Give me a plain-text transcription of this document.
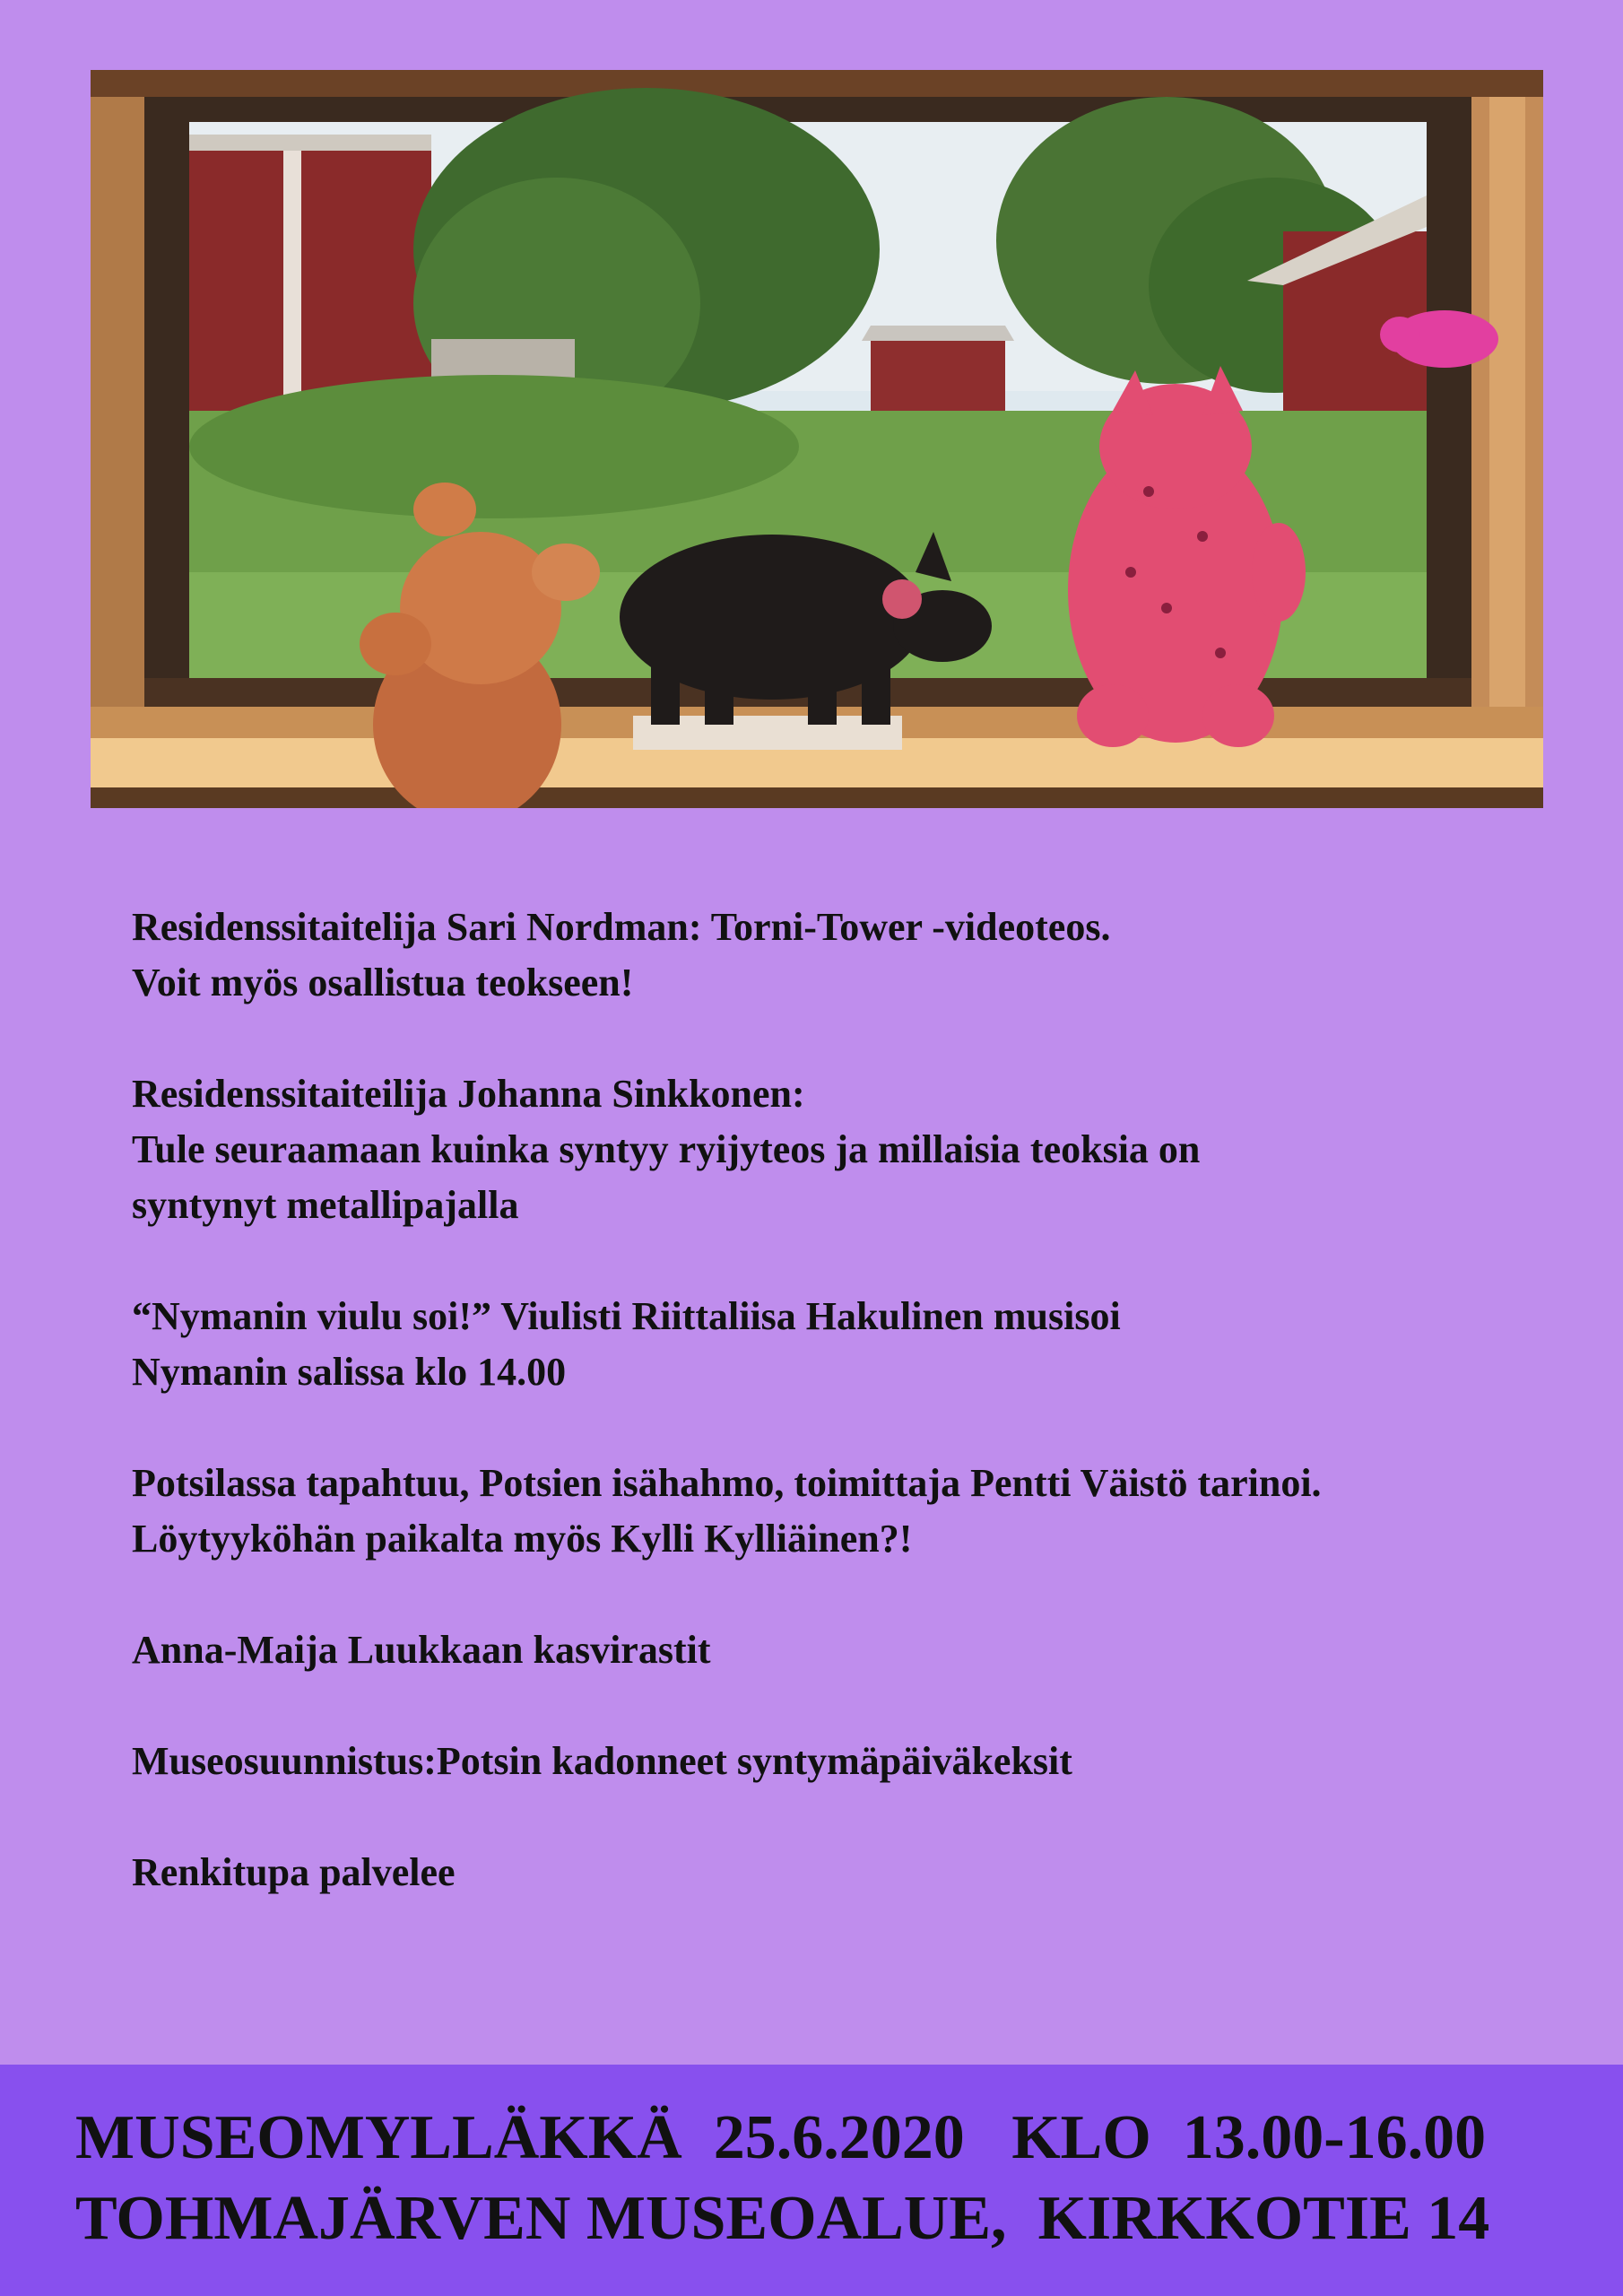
Residenssitaitelija Sari Nordman: Torni-Tower -videoteos.
Voit myös osallistua teokseen!
Residenssitaiteilija Johanna Sinkkonen:
Tule seuraamaan kuinka syntyy ryijyteos ja millaisia teoksia on
syntynyt metallipajalla
“Nymanin viulu soi!” Viulisti Riittaliisa Hakulinen musisoi
Nymanin salissa klo 14.00
Potsilassa tapahtuu, Potsien isähahmo, toimittaja Pentti Väistö tarinoi.
Löytyyköhän paikalta myös Kylli Kylliäinen?!
Anna-Maija Luukkaan kasvirastit
Museosuunnistus:Potsin kadonneet syntymäpäiväkeksit
Renkitupa palvelee
MUSEOMYLLÄKKÄ  25.6.2020   KLO  13.00-16.00
TOHMAJÄRVEN MUSEOALUE,  KIRKKOTIE 14
